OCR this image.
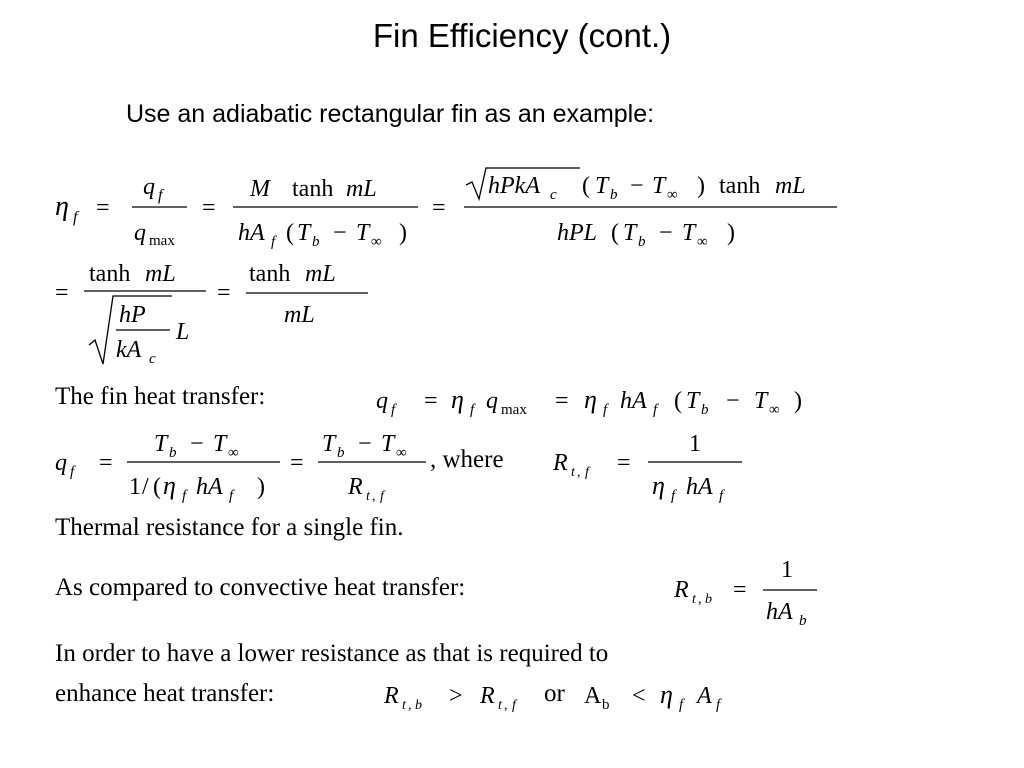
Fin Efficiency (cont.)
Use an adiabatic rectangular fin as an example:
η f =
q f
q max
=
M tanh mL
hA f ( T b − T ∞ )
=
hPkA c ( T b − T ∞ ) tanh mL
hPL ( T b − T ∞ )
=
tanh mL
hP
kA c
L
=
tanh mL
mL
q f = η f q max = η f hA f ( T b − T ∞ )
q f =
T b − T ∞
1 / ( η f hA f )
=
T b − T ∞
R t , f
R t , f =
1
η f hA f
R t , b =
1
hA b
R t , b > R t , f	A b < η f A f
The fin heat transfer:
, where
Thermal resistance for a single fin.
As compared to convective heat transfer:
In order to have a lower resistance as that is required to
enhance heat transfer:	or
